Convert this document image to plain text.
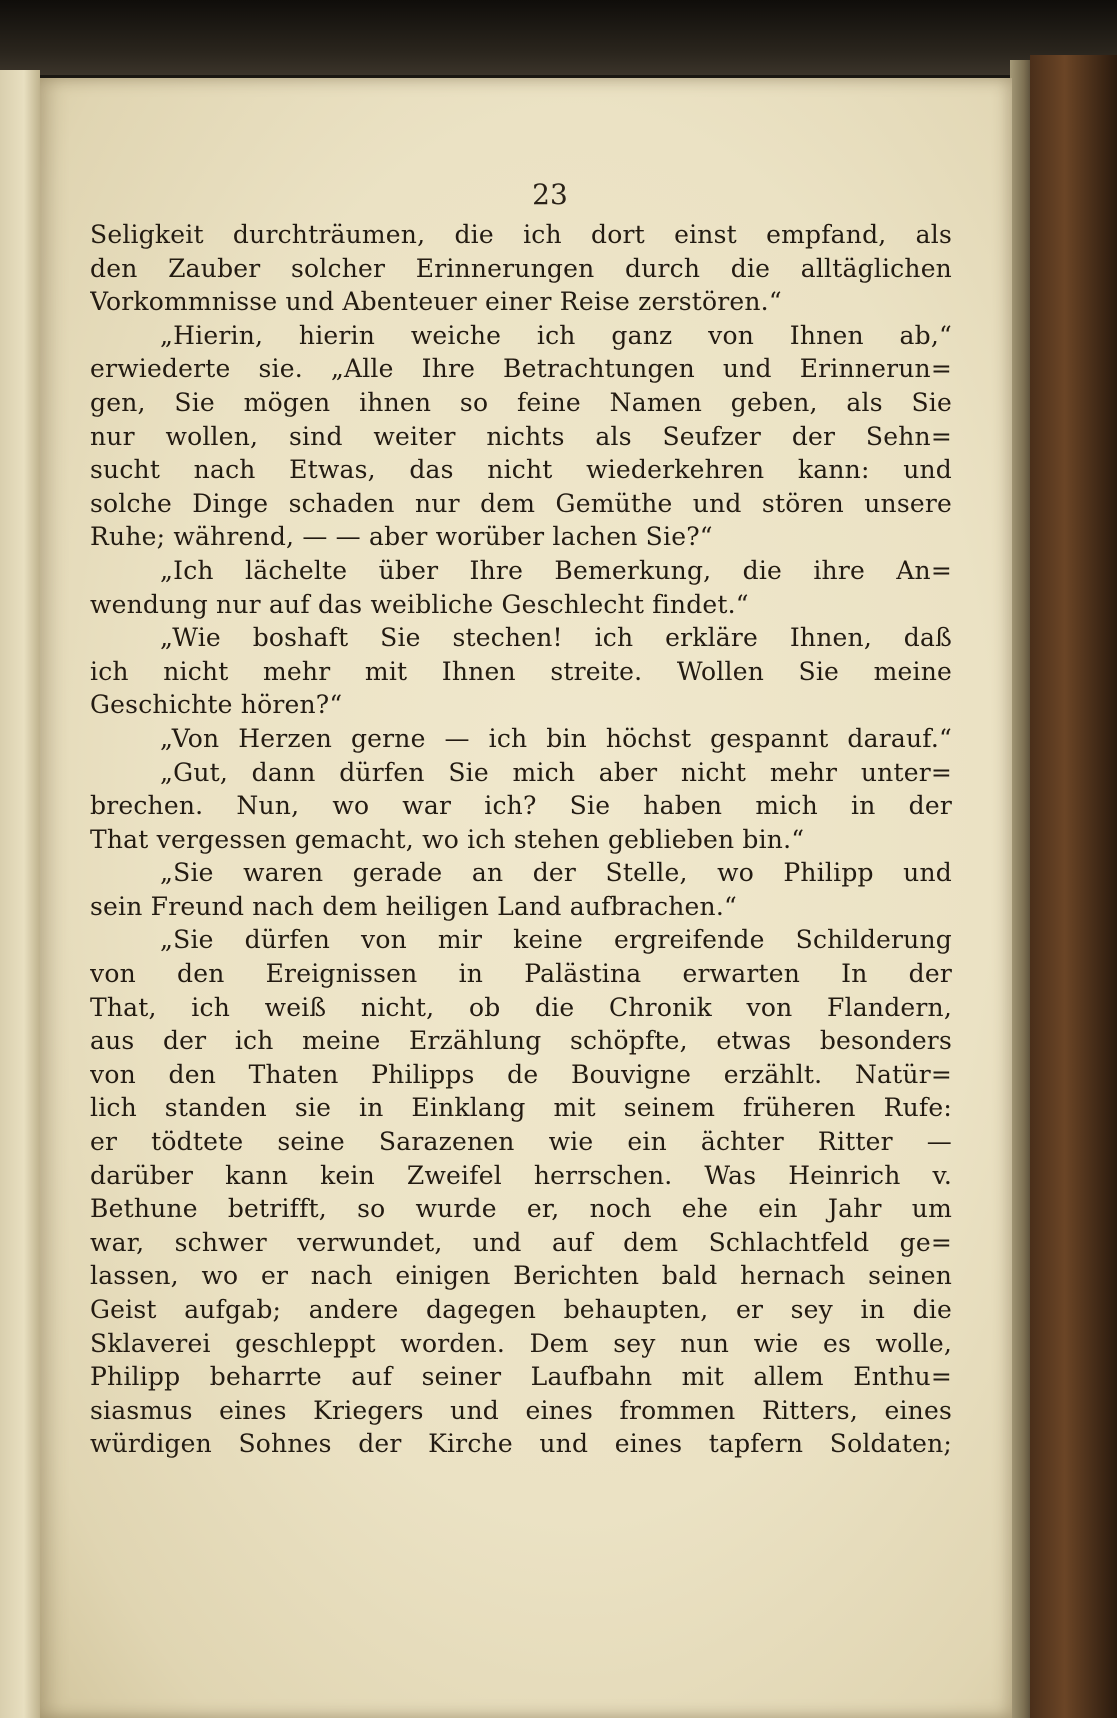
23
Seligkeit durchträumen, die ich dort einst empfand, als
den Zauber solcher Erinnerungen durch die alltäglichen
Vorkommnisse und Abenteuer einer Reise zerstören.“
„Hierin, hierin weiche ich ganz von Ihnen ab,“
erwiederte sie. „Alle Ihre Betrachtungen und Erinnerun=
gen, Sie mögen ihnen so feine Namen geben, als Sie
nur wollen, sind weiter nichts als Seufzer der Sehn=
sucht nach Etwas, das nicht wiederkehren kann: und
solche Dinge schaden nur dem Gemüthe und stören unsere
Ruhe; während, — — aber worüber lachen Sie?“
„Ich lächelte über Ihre Bemerkung, die ihre An=
wendung nur auf das weibliche Geschlecht findet.“
„Wie boshaft Sie stechen! ich erkläre Ihnen, daß
ich nicht mehr mit Ihnen streite. Wollen Sie meine
Geschichte hören?“
„Von Herzen gerne — ich bin höchst gespannt darauf.“
„Gut, dann dürfen Sie mich aber nicht mehr unter=
brechen. Nun, wo war ich? Sie haben mich in der
That vergessen gemacht, wo ich stehen geblieben bin.“
„Sie waren gerade an der Stelle, wo Philipp und
sein Freund nach dem heiligen Land aufbrachen.“
„Sie dürfen von mir keine ergreifende Schilderung
von den Ereignissen in Palästina erwarten In der
That, ich weiß nicht, ob die Chronik von Flandern,
aus der ich meine Erzählung schöpfte, etwas besonders
von den Thaten Philipps de Bouvigne erzählt. Natür=
lich standen sie in Einklang mit seinem früheren Rufe:
er tödtete seine Sarazenen wie ein ächter Ritter —
darüber kann kein Zweifel herrschen. Was Heinrich v.
Bethune betrifft, so wurde er, noch ehe ein Jahr um
war, schwer verwundet, und auf dem Schlachtfeld ge=
lassen, wo er nach einigen Berichten bald hernach seinen
Geist aufgab; andere dagegen behaupten, er sey in die
Sklaverei geschleppt worden. Dem sey nun wie es wolle,
Philipp beharrte auf seiner Laufbahn mit allem Enthu=
siasmus eines Kriegers und eines frommen Ritters, eines
würdigen Sohnes der Kirche und eines tapfern Soldaten;
